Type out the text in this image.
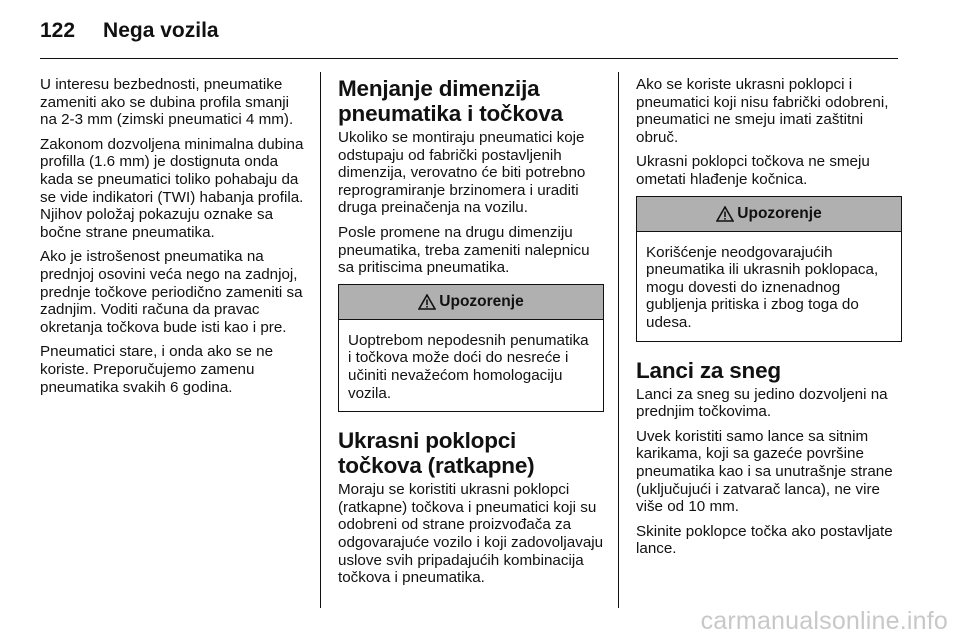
122 Nega vozila

U interesu bezbednosti, pneumatike zameniti ako se dubina profila smanji na 2-3 mm (zimski pneumatici 4 mm).

Zakonom dozvoljena minimalna dubina profilla (1.6 mm) je dostignuta onda kada se pneumatici toliko pohabaju da se vide indikatori (TWI) habanja profila. Njihov položaj pokazuju oznake sa bočne strane pneumatika.

Ako je istrošenost pneumatika na prednjoj osovini veća nego na zadnjoj, prednje točkove periodično zameniti sa zadnjim. Voditi računa da pravac okretanja točkova bude isti kao i pre.

Pneumatici stare, i onda ako se ne koriste. Preporučujemo zamenu pneumatika svakih 6 godina.

Menjanje dimenzija pneumatika i točkova

Ukoliko se montiraju pneumatici koje odstupaju od fabrički postavljenih dimenzija, verovatno će biti potrebno reprogramiranje brzinomera i uraditi druga preinačenja na vozilu.

Posle promene na drugu dimenziju pneumatika, treba zameniti nalepnicu sa pritiscima pneumatika.

Upozorenje

Uoptrebom nepodesnih penumatika i točkova može doći do nesreće i učiniti nevažećom homologaciju vozila.

Ukrasni poklopci točkova (ratkapne)

Moraju se koristiti ukrasni poklopci (ratkapne) točkova i pneumatici koji su odobreni od strane proizvođača za odgovarajuće vozilo i koji zadovoljavaju uslove svih pripadajućih kombinacija točkova i pneumatika.

Ako se koriste ukrasni poklopci i pneumatici koji nisu fabrički odobreni, pneumatici ne smeju imati zaštitni obruč.

Ukrasni poklopci točkova ne smeju ometati hlađenje kočnica.

Upozorenje

Korišćenje neodgovarajućih pneumatika ili ukrasnih poklopaca, mogu dovesti do iznenadnog gubljenja pritiska i zbog toga do udesa.

Lanci za sneg

Lanci za sneg su jedino dozvoljeni na prednjim točkovima.

Uvek koristiti samo lance sa sitnim karikama, koji sa gazeće površine pneumatika kao i sa unutrašnje strane (uključujući i zatvarač lanca), ne vire više od 10 mm.

Skinite poklopce točka ako postavljate lance.

carmanualsonline.info
